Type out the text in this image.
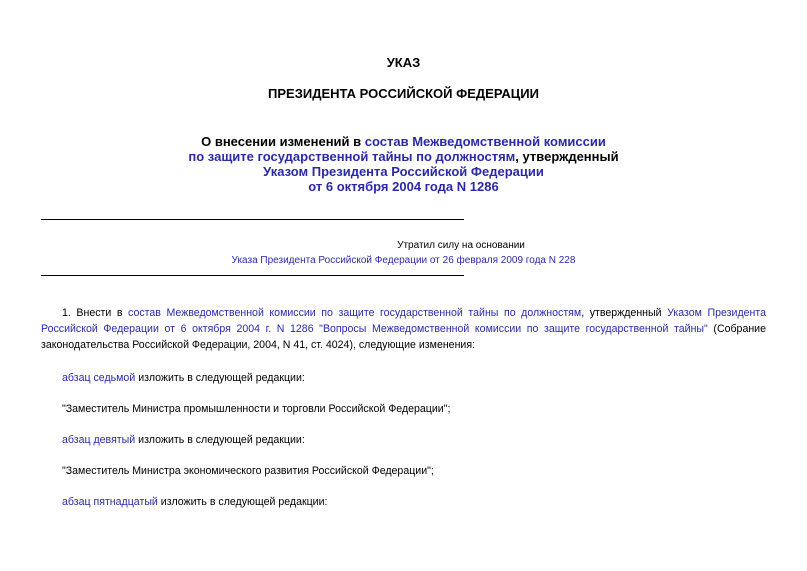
УКАЗ
ПРЕЗИДЕНТА РОССИЙСКОЙ ФЕДЕРАЦИИ
О внесении изменений в состав Межведомственной комиссии
по защите государственной тайны по должностям, утвержденный
Указом Президента Российской Федерации
от 6 октября 2004 года N 1286
Утратил силу на основании
Указа Президента Российской Федерации от 26 февраля 2009 года N 228
1. Внести в состав Межведомственной комиссии по защите государственной тайны по должностям, утвержденный Указом Президента Российской Федерации от 6 октября 2004 г. N 1286 "Вопросы Межведомственной комиссии по защите государственной тайны" (Собрание законодательства Российской Федерации, 2004, N 41, ст. 4024), следующие изменения:
абзац седьмой изложить в следующей редакции:
"Заместитель Министра промышленности и торговли Российской Федерации";
абзац девятый изложить в следующей редакции:
"Заместитель Министра экономического развития Российской Федерации";
абзац пятнадцатый изложить в следующей редакции:
